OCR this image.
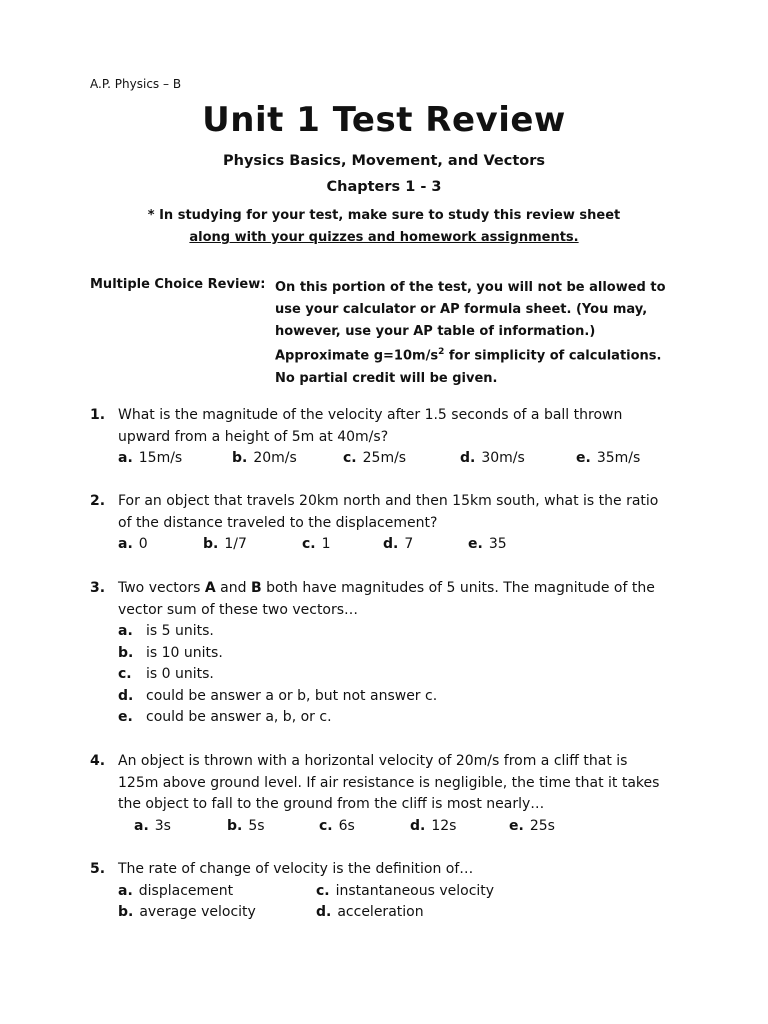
A.P. Physics – B
Unit 1 Test Review
Physics Basics, Movement, and Vectors
Chapters 1 - 3
* In studying for your test, make sure to study this review sheet
along with your quizzes and homework assignments.
Multiple Choice Review: On this portion of the test, you will not be allowed to
use your calculator or AP formula sheet. (You may,
however, use your AP table of information.)
Approximate $g=10m/s^2$ for simplicity of calculations.
No partial credit will be given.
1. What is the magnitude of the velocity after 1.5 seconds of a ball thrown
upward from a height of 5m at 40m/s?
a. 15m/s	b. 20m/s	c. 25m/s	d. 30m/s	e. 35m/s
2. For an object that travels 20km north and then 15km south, what is the ratio
of the distance traveled to the displacement?
a. 0	b. 1/7	c. 1	d. 7	e. 35
3. Two vectors A and B both have magnitudes of 5 units. The magnitude of the
vector sum of these two vectors…
a. is 5 units.
b. is 10 units.
c. is 0 units.
d. could be answer a or b, but not answer c.
e. could be answer a, b, or c.
4. An object is thrown with a horizontal velocity of 20m/s from a cliff that is
125m above ground level. If air resistance is negligible, the time that it takes
the object to fall to the ground from the cliff is most nearly…
a. 3s	b. 5s	c. 6s	d. 12s	e. 25s
5. The rate of change of velocity is the definition of…
a. displacement	c. instantaneous velocity
b. average velocity	d. acceleration
